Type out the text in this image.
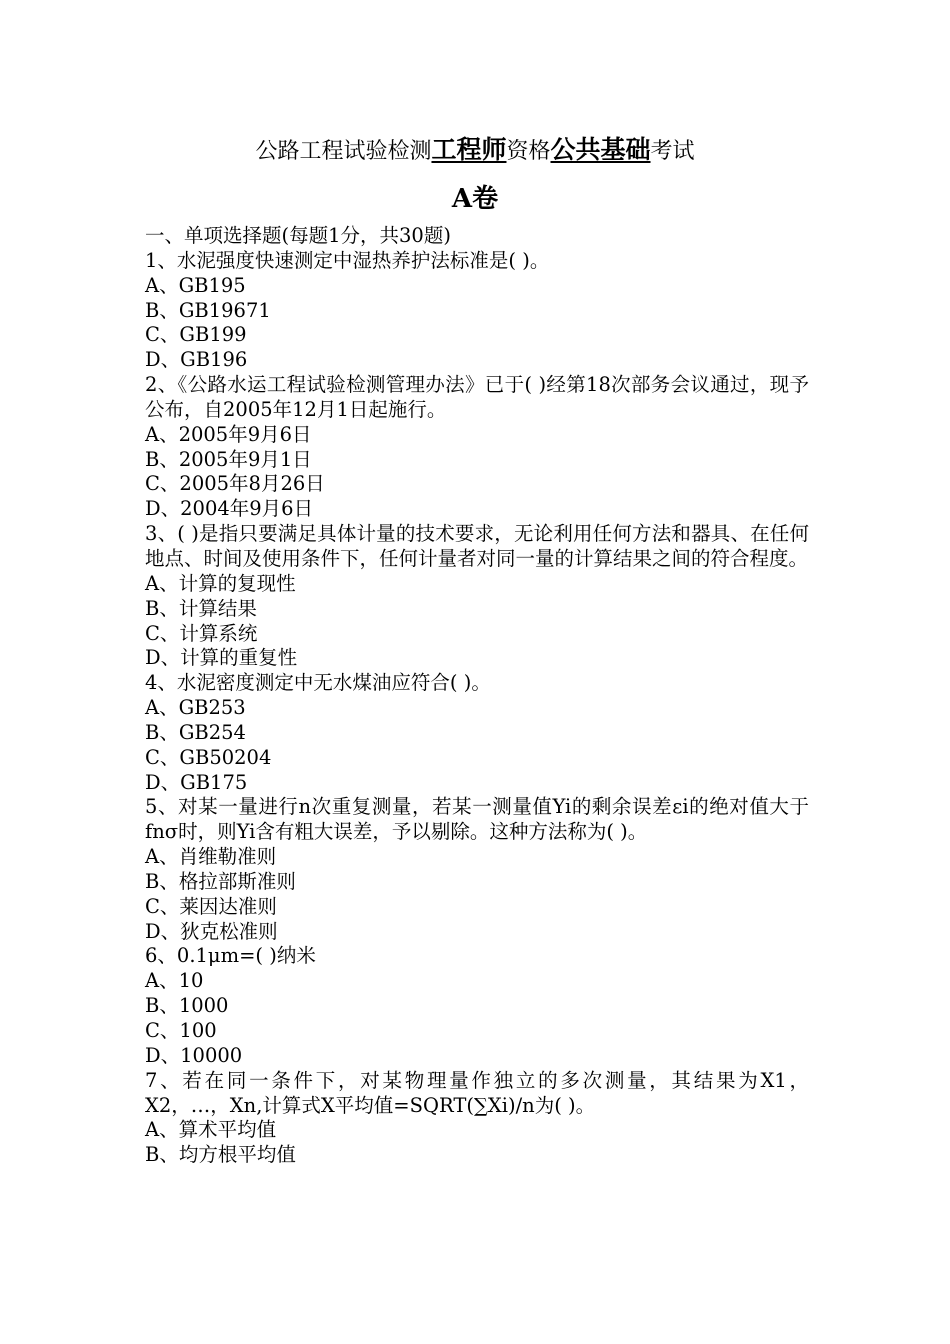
公路工程试验检测工程师资格公共基础考试
A卷
一、单项选择题(每题1分，共30题)
1、水泥强度快速测定中湿热养护法标准是( )。
A、GB195
B、GB19671
C、GB199
D、GB196
2、《公路水运工程试验检测管理办法》已于( )经第18次部务会议通过，现予公布，自2005年12月1日起施行。
A、2005年9月6日
B、2005年9月1日
C、2005年8月26日
D、2004年9月6日
3、( )是指只要满足具体计量的技术要求，无论利用任何方法和器具、在任何地点、时间及使用条件下，任何计量者对同一量的计算结果之间的符合程度。
A、计算的复现性
B、计算结果
C、计算系统
D、计算的重复性
4、水泥密度测定中无水煤油应符合( )。
A、GB253
B、GB254
C、GB50204
D、GB175
5、对某一量进行n次重复测量，若某一测量值Yi的剩余误差εi的绝对值大于fnσ时，则Yi含有粗大误差，予以剔除。这种方法称为( )。
A、肖维勒准则
B、格拉部斯准则
C、莱因达准则
D、狄克松准则
6、0.1μm=( )纳米
A、10
B、1000
C、100
D、10000
7、若在同一条件下，对某物理量作独立的多次测量，其结果为X1，X2，…，Xn,计算式X平均值=SQRT(∑Xi)/n为( )。
A、算术平均值
B、均方根平均值
